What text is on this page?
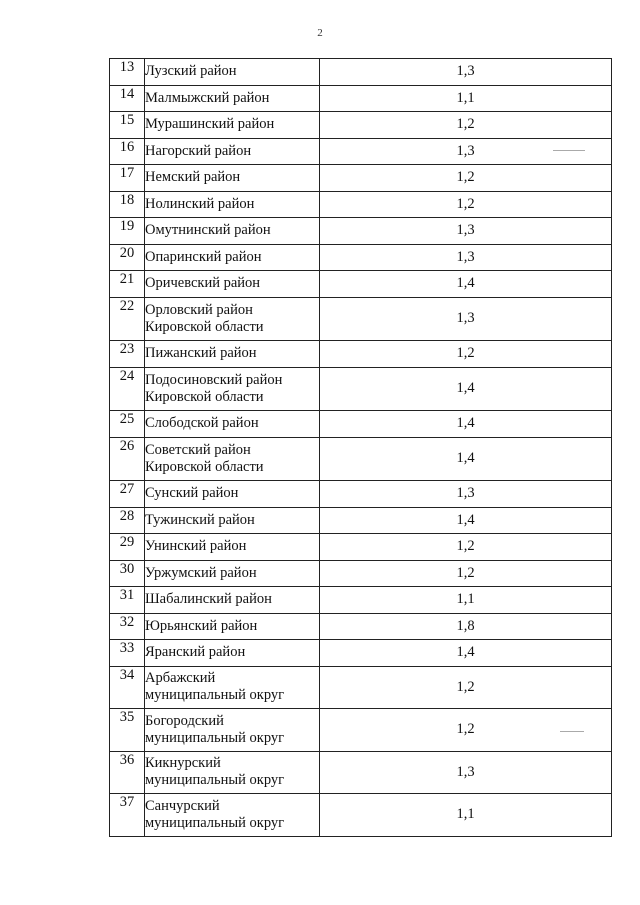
2
13	Лузский район	1,3
14	Малмыжский район	1,1
15	Мурашинский район	1,2
16	Нагорский район	1,3
17	Немский район	1,2
18	Нолинский район	1,2
19	Омутнинский район	1,3
20	Опаринский район	1,3
21	Оричевский район	1,4
22	Орловский район
Кировской области	1,3
23	Пижанский район	1,2
24	Подосиновский район
Кировской области	1,4
25	Слободской район	1,4
26	Советский район
Кировской области	1,4
27	Сунский район	1,3
28	Тужинский район	1,4
29	Унинский район	1,2
30	Уржумский район	1,2
31	Шабалинский район	1,1
32	Юрьянский район	1,8
33	Яранский район	1,4
34	Арбажский
муниципальный округ	1,2
35	Богородский
муниципальный округ	1,2
36	Кикнурский
муниципальный округ	1,3
37	Санчурский
муниципальный округ	1,1
